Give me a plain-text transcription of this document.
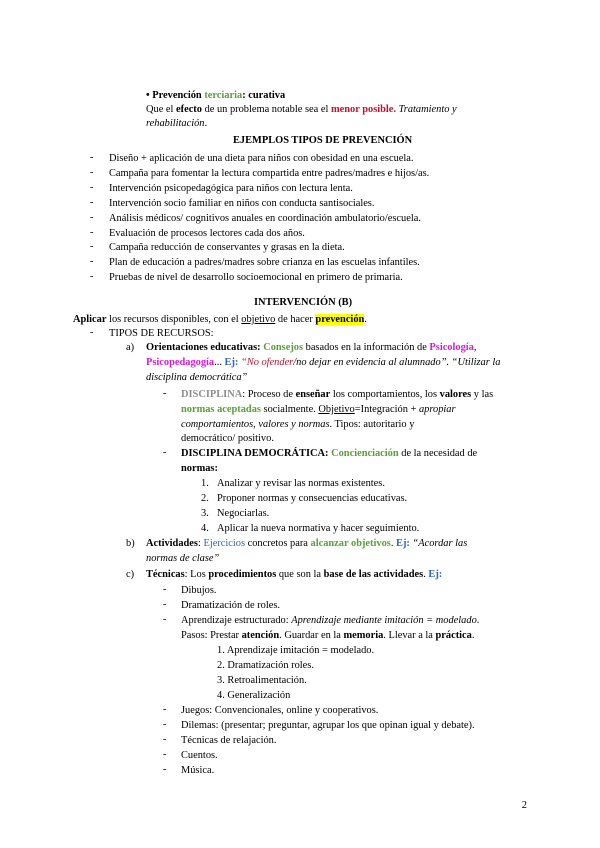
• Prevención terciaria: curativa
Que el efecto de un problema notable sea el menor posible. Tratamiento y
rehabilitación.
EJEMPLOS TIPOS DE PREVENCIÓN
- Diseño + aplicación de una dieta para niños con obesidad en una escuela.
- Campaña para fomentar la lectura compartida entre padres/madres e hijos/as.
- Intervención psicopedagógica para niños con lectura lenta.
- Intervención socio familiar en niños con conducta santisociales.
- Análisis médicos/ cognitivos anuales en coordinación ambulatorio/escuela.
- Evaluación de procesos lectores cada dos años.
- Campaña reducción de conservantes y grasas en la dieta.
- Plan de educación a padres/madres sobre crianza en las escuelas infantiles.
- Pruebas de nivel de desarrollo socioemocional en primero de primaria.
INTERVENCIÓN (B)
Aplicar los recursos disponibles, con el objetivo de hacer prevención.
- TIPOS DE RECURSOS:
a) Orientaciones educativas: Consejos basados en la información de Psicología,
Psicopedagogía... Ej: “No ofender/no dejar en evidencia al alumnado”. “Utilizar la
disciplina democrática”
- DISCIPLINA: Proceso de enseñar los comportamientos, los valores y las
normas aceptadas socialmente. Objetivo=Integración + apropiar
comportamientos, valores y normas. Tipos: autoritario y
democrático/ positivo.
- DISCIPLINA DEMOCRÁTICA: Concienciación de la necesidad de
normas:
1. Analizar y revisar las normas existentes.
2. Proponer normas y consecuencias educativas.
3. Negociarlas.
4. Aplicar la nueva normativa y hacer seguimiento.
b) Actividades: Ejercicios concretos para alcanzar objetivos. Ej: “Acordar las
normas de clase”
c) Técnicas: Los procedimientos que son la base de las actividades. Ej:
- Dibujos.
- Dramatización de roles.
- Aprendizaje estructurado: Aprendizaje mediante imitación = modelado.
Pasos: Prestar atención. Guardar en la memoria. Llevar a la práctica.
1. Aprendizaje imitación = modelado.
2. Dramatización roles.
3. Retroalimentación.
4. Generalización
- Juegos: Convencionales, online y cooperativos.
- Dilemas: (presentar; preguntar, agrupar los que opinan igual y debate).
- Técnicas de relajación.
- Cuentos.
- Música.
2
